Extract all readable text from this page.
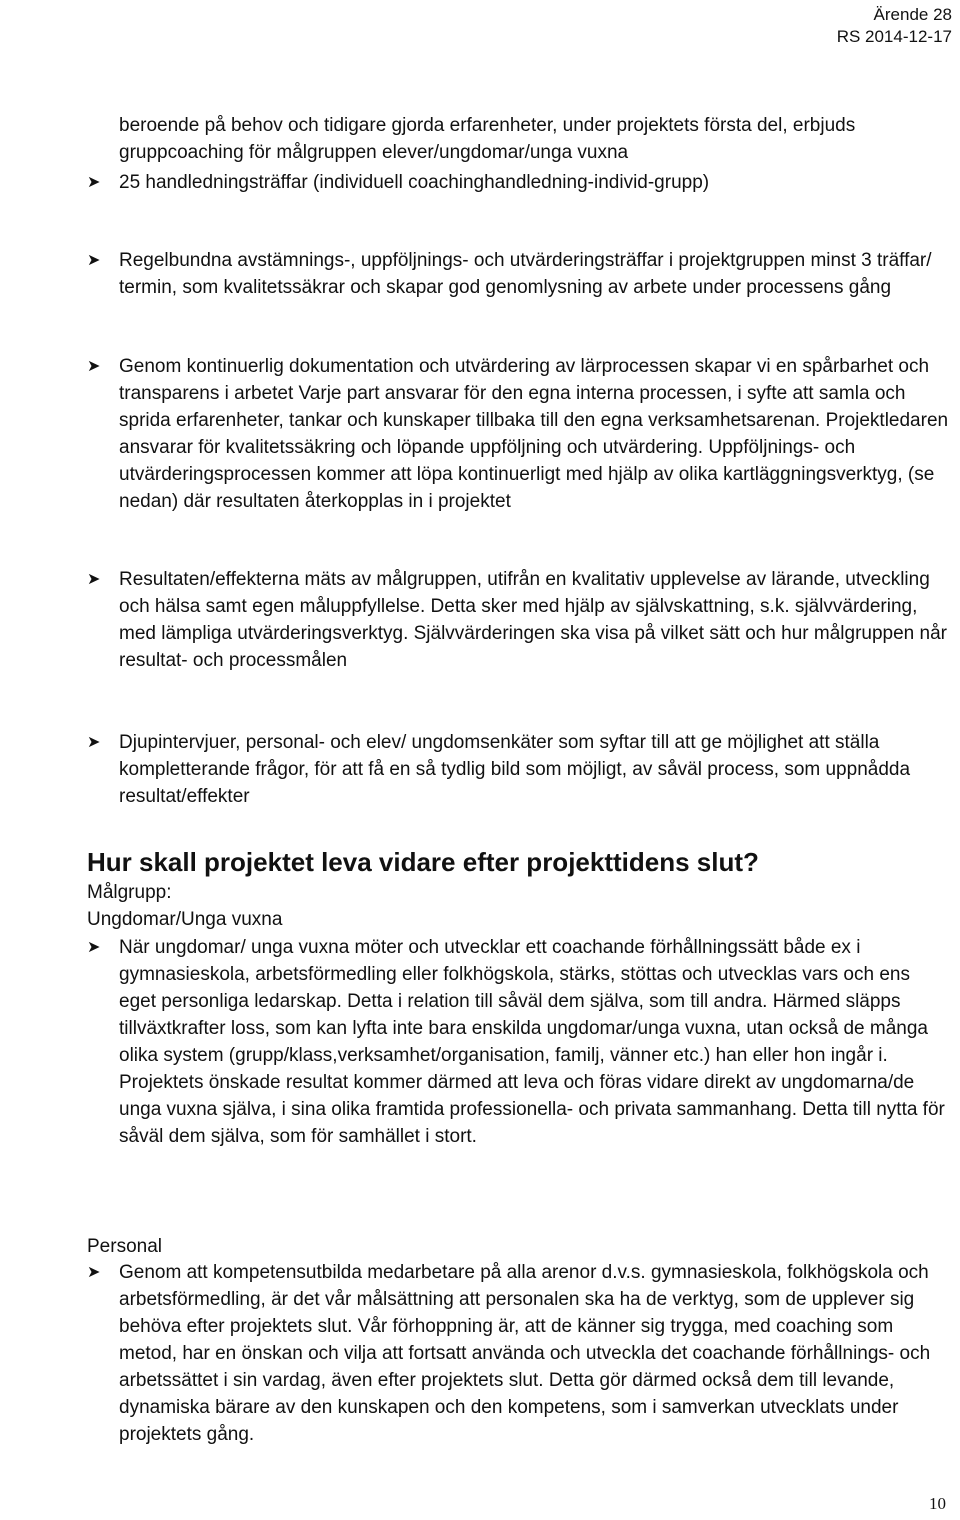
Ärende 28
RS 2014-12-17
beroende på behov och tidigare gjorda erfarenheter, under projektets första del, erbjuds gruppcoaching för målgruppen elever/ungdomar/unga vuxna
➤ 25 handledningsträffar (individuell coachinghandledning-individ-grupp)
➤ Regelbundna avstämnings-, uppföljnings- och utvärderingsträffar i projektgruppen minst 3 träffar/ termin, som kvalitetssäkrar och skapar god genomlysning av arbete under processens gång
➤ Genom kontinuerlig dokumentation och utvärdering av lärprocessen skapar vi en spårbarhet och transparens i arbetet Varje part ansvarar för den egna interna processen, i syfte att samla och sprida erfarenheter, tankar och kunskaper tillbaka till den egna verksamhetsarenan. Projektledaren ansvarar för kvalitetssäkring och löpande uppföljning och utvärdering. Uppföljnings- och utvärderingsprocessen kommer att löpa kontinuerligt med hjälp av olika kartläggningsverktyg, (se nedan) där resultaten återkopplas in i projektet
➤ Resultaten/effekterna mäts av målgruppen, utifrån en kvalitativ upplevelse av lärande, utveckling och hälsa samt egen måluppfyllelse. Detta sker med hjälp av självskattning, s.k. självvärdering, med lämpliga utvärderingsverktyg. Självvärderingen ska visa på vilket sätt och hur målgruppen når resultat- och processmålen
➤ Djupintervjuer, personal- och elev/ ungdomsenkäter som syftar till att ge möjlighet att ställa kompletterande frågor, för att få en så tydlig bild som möjligt, av såväl process, som uppnådda resultat/effekter
Hur skall projektet leva vidare efter projekttidens slut?
Målgrupp:
Ungdomar/Unga vuxna
➤ När ungdomar/ unga vuxna möter och utvecklar ett coachande förhållningssätt både ex i gymnasieskola, arbetsförmedling eller folkhögskola, stärks, stöttas och utvecklas vars och ens eget personliga ledarskap. Detta i relation till såväl dem själva, som till andra. Härmed släpps tillväxtkrafter loss, som kan lyfta inte bara enskilda ungdomar/unga vuxna, utan också de många olika system (grupp/klass,verksamhet/organisation, familj, vänner etc.) han eller hon ingår i. Projektets önskade resultat kommer därmed att leva och föras vidare direkt av ungdomarna/de unga vuxna själva, i sina olika framtida professionella- och privata sammanhang. Detta till nytta för såväl dem själva, som för samhället i stort.
Personal
➤ Genom att kompetensutbilda medarbetare på alla arenor d.v.s. gymnasieskola, folkhögskola och arbetsförmedling, är det vår målsättning att personalen ska ha de verktyg, som de upplever sig behöva efter projektets slut. Vår förhoppning är, att de känner sig trygga, med coaching som metod, har en önskan och vilja att fortsatt använda och utveckla det coachande förhållnings- och arbetssättet i sin vardag, även efter projektets slut. Detta gör därmed också dem till levande, dynamiska bärare av den kunskapen och den kompetens, som i samverkan utvecklats under projektets gång.
10
